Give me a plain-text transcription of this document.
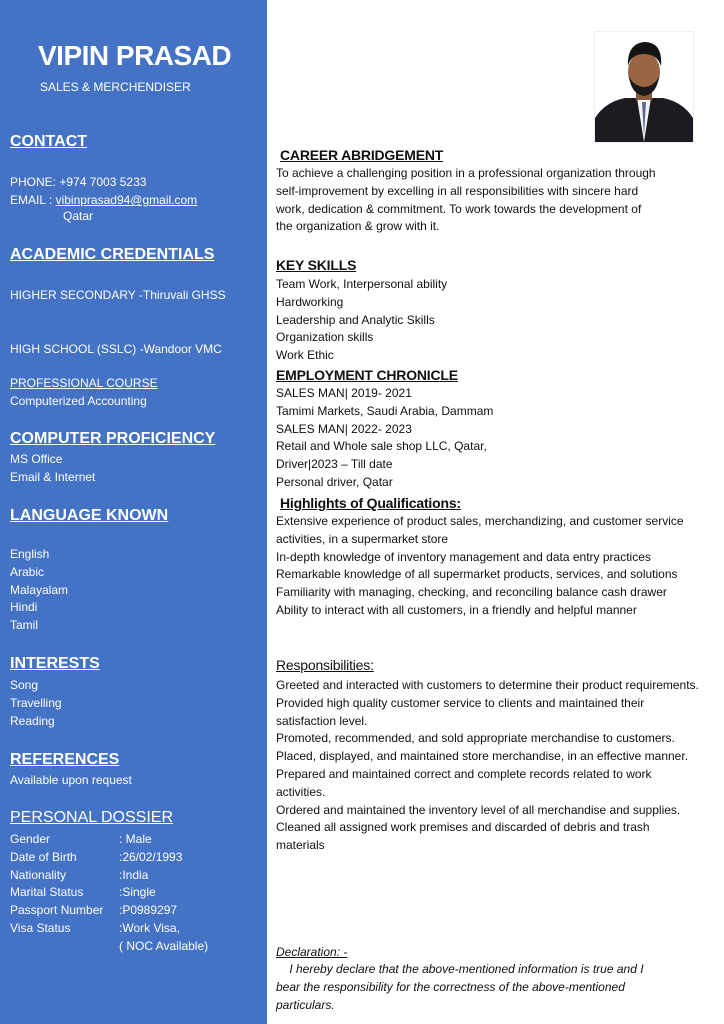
VIPIN PRASAD
SALES & MERCHENDISER
CONTACT
PHONE: +974 7003 5233
EMAIL : vibinprasad94@gmail.com
Qatar
ACADEMIC CREDENTIALS
HIGHER SECONDARY -Thiruvali GHSS
HIGH SCHOOL (SSLC) -Wandoor VMC
PROFESSIONAL COURSE
Computerized Accounting
COMPUTER PROFICIENCY
MS Office
Email & Internet
LANGUAGE KNOWN
English
Arabic
Malayalam
Hindi
Tamil
INTERESTS
Song
Travelling
Reading
REFERENCES
Available upon request
PERSONAL DOSSIER
Gender	: Male
Date of Birth	:26/02/1993
Nationality	:India
Marital Status	:Single
Passport Number :P0989297
Visa Status	:Work Visa,
( NOC Available)
CAREER ABRIDGEMENT
To achieve a challenging position in a professional organization through
self-improvement by excelling in all responsibilities with sincere hard
work, dedication & commitment. To work towards the development of
the organization & grow with it.
KEY SKILLS
Team Work, Interpersonal ability
Hardworking
Leadership and Analytic Skills
Organization skills
Work Ethic
EMPLOYMENT CHRONICLE
SALES MAN| 2019- 2021
Tamimi Markets, Saudi Arabia, Dammam
SALES MAN| 2022- 2023
Retail and Whole sale shop LLC, Qatar,
Driver|2023 – Till date
Personal driver, Qatar
Highlights of Qualifications:
Extensive experience of product sales, merchandizing, and customer service activities, in a supermarket store
In-depth knowledge of inventory management and data entry practices
Remarkable knowledge of all supermarket products, services, and solutions
Familiarity with managing, checking, and reconciling balance cash drawer
Ability to interact with all customers, in a friendly and helpful manner
Responsibilities:
Greeted and interacted with customers to determine their product requirements.
Provided high quality customer service to clients and maintained their satisfaction level.
Promoted, recommended, and sold appropriate merchandise to customers.
Placed, displayed, and maintained store merchandise, in an effective manner.
Prepared and maintained correct and complete records related to work activities.
Ordered and maintained the inventory level of all merchandise and supplies.
Cleaned all assigned work premises and discarded of debris and trash materials
Declaration: -
I hereby declare that the above-mentioned information is true and I
bear the responsibility for the correctness of the above-mentioned
particulars.
